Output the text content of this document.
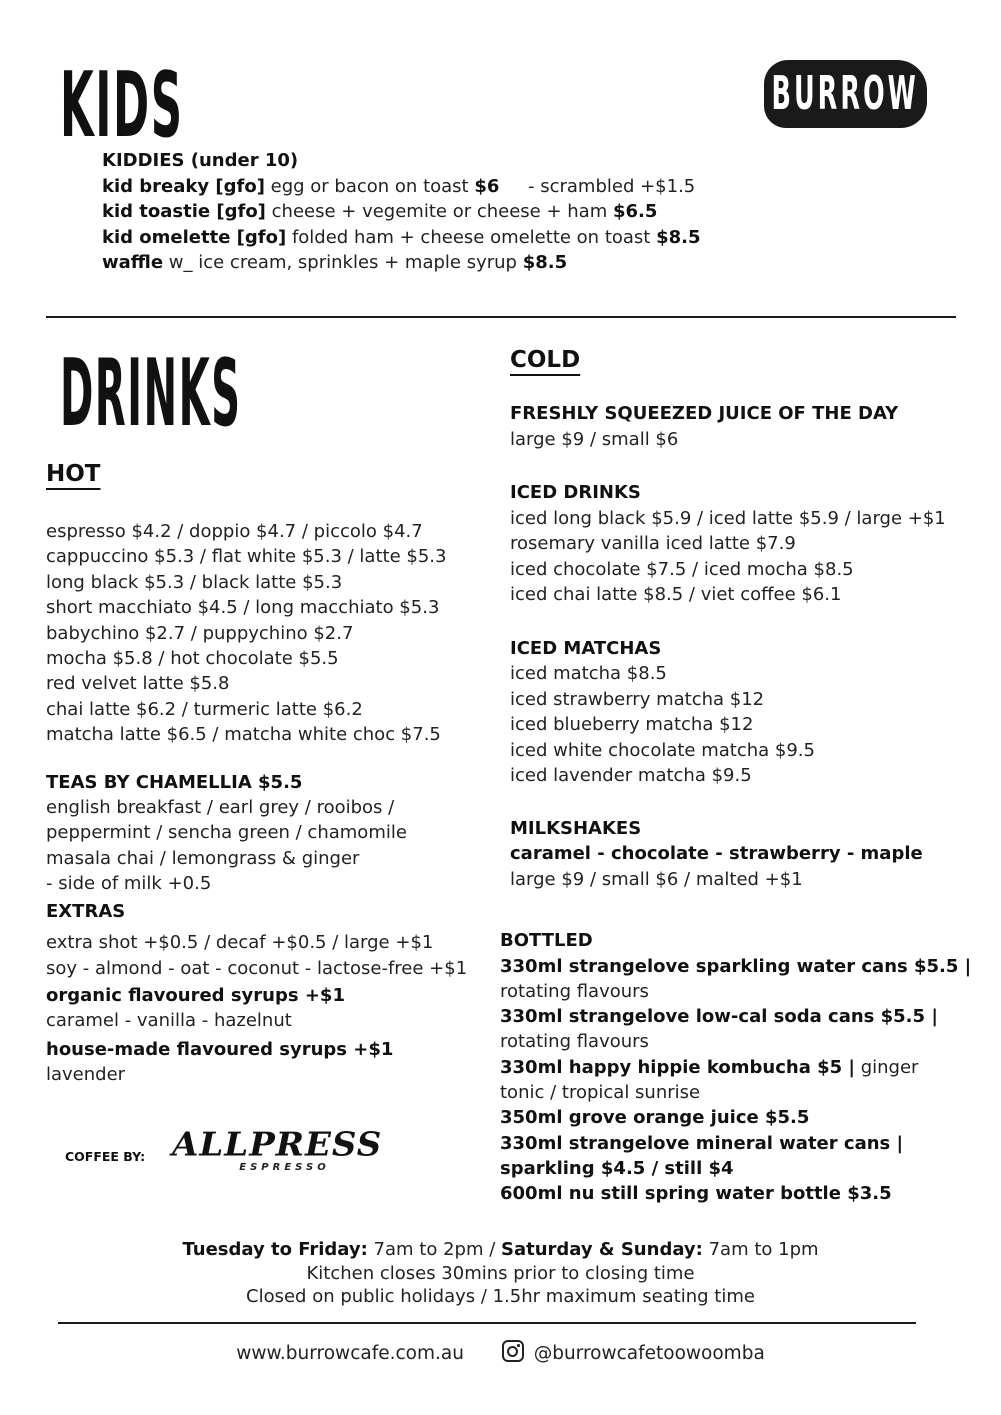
KIDS	BURROW
KIDDIES (under 10)
kid breaky [gfo] egg or bacon on toast $6     - scrambled +$1.5
kid toastie [gfo] cheese + vegemite or cheese + ham $6.5
kid omelette [gfo] folded ham + cheese omelette on toast $8.5
waffle w_ ice cream, sprinkles + maple syrup $8.5
DRINKS
HOT
espresso $4.2 / doppio $4.7 / piccolo $4.7
cappuccino $5.3 / flat white $5.3 / latte $5.3
long black $5.3 / black latte $5.3
short macchiato $4.5 / long macchiato $5.3
babychino $2.7 / puppychino $2.7
mocha $5.8 / hot chocolate $5.5
red velvet latte $5.8
chai latte $6.2 / turmeric latte $6.2
matcha latte $6.5 / matcha white choc $7.5
TEAS BY CHAMELLIA $5.5
english breakfast / earl grey / rooibos /
peppermint / sencha green / chamomile
masala chai / lemongrass & ginger
- side of milk +0.5
EXTRAS
extra shot +$0.5 / decaf +$0.5 / large +$1
soy - almond - oat - coconut - lactose-free +$1
organic flavoured syrups +$1
caramel - vanilla - hazelnut
house-made flavoured syrups +$1
lavender
COFFEE BY: ALLPRESS
ESPRESSO
COLD
FRESHLY SQUEEZED JUICE OF THE DAY
large $9 / small $6
ICED DRINKS
iced long black $5.9 / iced latte $5.9 / large +$1
rosemary vanilla iced latte $7.9
iced chocolate $7.5 / iced mocha $8.5
iced chai latte $8.5 / viet coffee $6.1
ICED MATCHAS
iced matcha $8.5
iced strawberry matcha $12
iced blueberry matcha $12
iced white chocolate matcha $9.5
iced lavender matcha $9.5
MILKSHAKES
caramel - chocolate - strawberry - maple
large $9 / small $6 / malted +$1
BOTTLED
330ml strangelove sparkling water cans $5.5 |
rotating flavours
330ml strangelove low-cal soda cans $5.5 |
rotating flavours
330ml happy hippie kombucha $5 | ginger
tonic / tropical sunrise
350ml grove orange juice $5.5
330ml strangelove mineral water cans |
sparkling $4.5 / still $4
600ml nu still spring water bottle $3.5
Tuesday to Friday: 7am to 2pm / Saturday & Sunday: 7am to 1pm
Kitchen closes 30mins prior to closing time
Closed on public holidays / 1.5hr maximum seating time
www.burrowcafe.com.au	@burrowcafetoowoomba
